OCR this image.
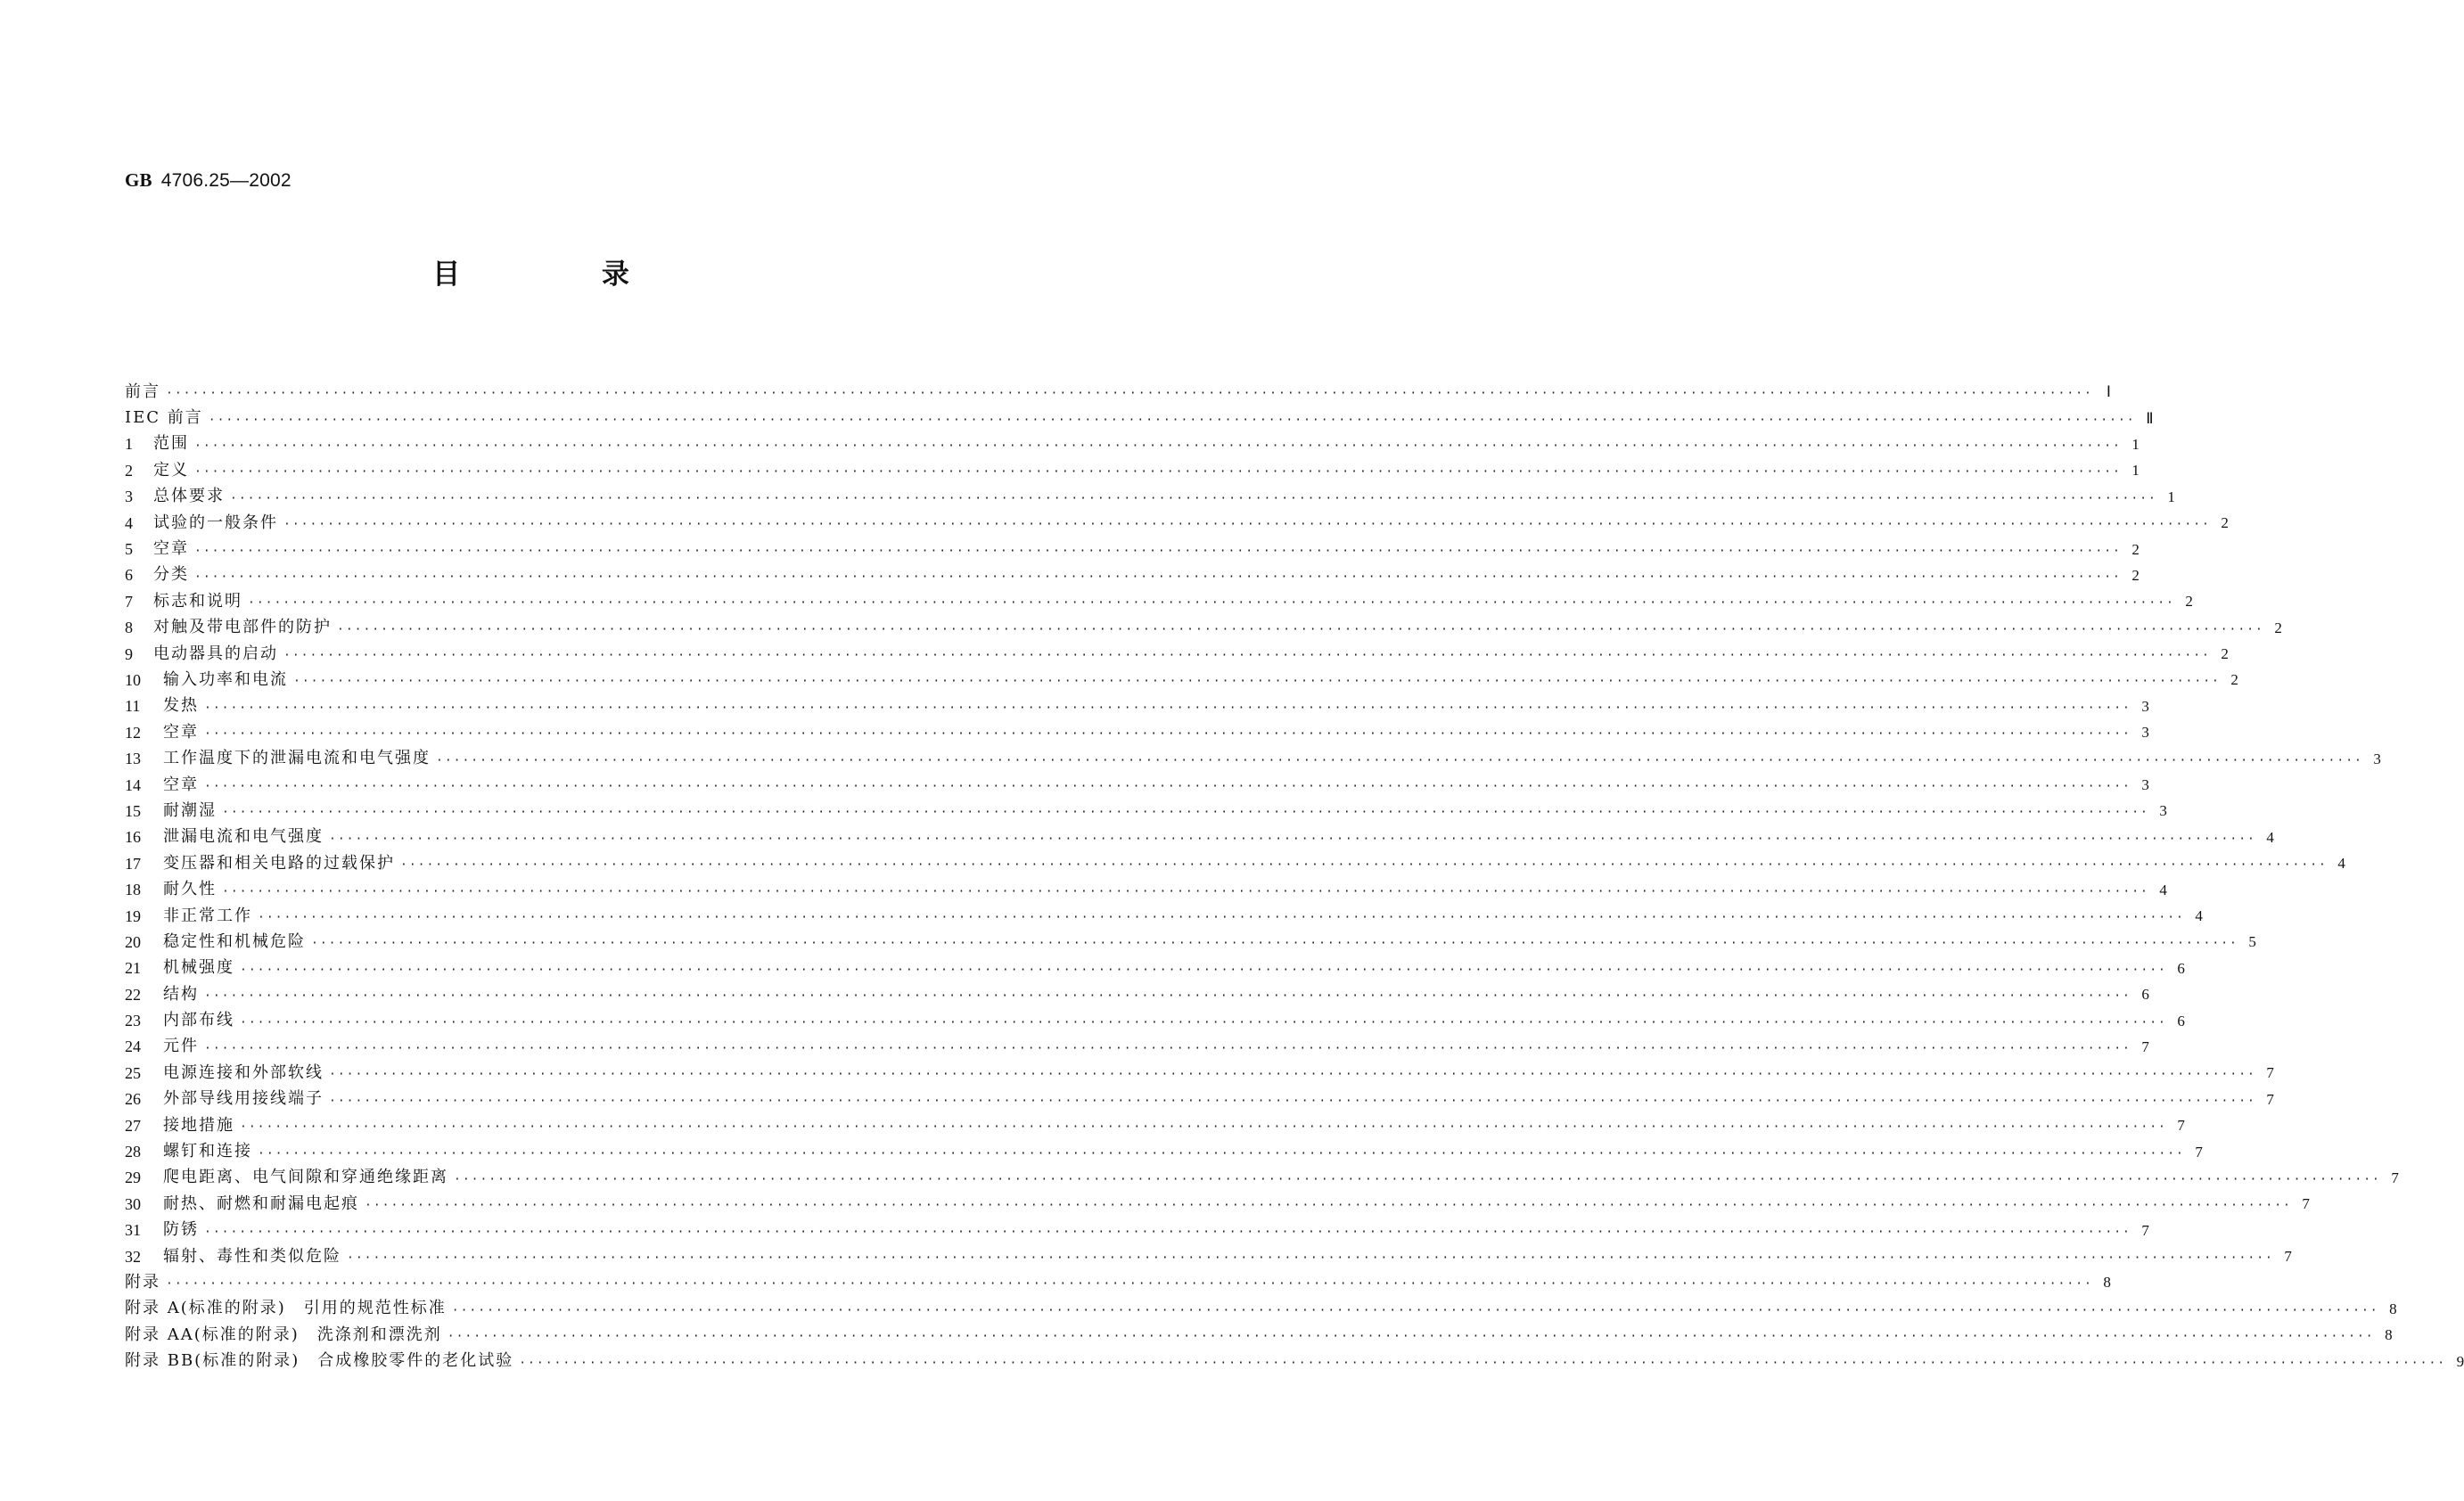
GB 4706.25—2002
目 录
前言 ···························································································································································································································· Ⅰ
IEC 前言 ···························································································································································································································· Ⅱ
1	范围 ···························································································································································································································· 1
2	定义 ···························································································································································································································· 1
3	总体要求 ···························································································································································································································· 1
4	试验的一般条件 ···························································································································································································································· 2
5	空章 ···························································································································································································································· 2
6	分类 ···························································································································································································································· 2
7	标志和说明 ···························································································································································································································· 2
8	对触及带电部件的防护 ···························································································································································································································· 2
9	电动器具的启动 ···························································································································································································································· 2
10	输入功率和电流 ···························································································································································································································· 2
11	发热 ···························································································································································································································· 3
12	空章 ···························································································································································································································· 3
13	工作温度下的泄漏电流和电气强度 ···························································································································································································································· 3
14	空章 ···························································································································································································································· 3
15	耐潮湿 ···························································································································································································································· 3
16	泄漏电流和电气强度 ···························································································································································································································· 4
17	变压器和相关电路的过载保护 ···························································································································································································································· 4
18	耐久性 ···························································································································································································································· 4
19	非正常工作 ···························································································································································································································· 4
20	稳定性和机械危险 ···························································································································································································································· 5
21	机械强度 ···························································································································································································································· 6
22	结构 ···························································································································································································································· 6
23	内部布线 ···························································································································································································································· 6
24	元件 ···························································································································································································································· 7
25	电源连接和外部软线 ···························································································································································································································· 7
26	外部导线用接线端子 ···························································································································································································································· 7
27	接地措施 ···························································································································································································································· 7
28	螺钉和连接 ···························································································································································································································· 7
29	爬电距离、电气间隙和穿通绝缘距离 ···························································································································································································································· 7
30	耐热、耐燃和耐漏电起痕 ···························································································································································································································· 7
31	防锈 ···························································································································································································································· 7
32	辐射、毒性和类似危险 ···························································································································································································································· 7
附录 ···························································································································································································································· 8
附录 A(标准的附录)　引用的规范性标准 ···························································································································································································································· 8
附录 AA(标准的附录)　洗涤剂和漂洗剂 ···························································································································································································································· 8
附录 BB(标准的附录)　合成橡胶零件的老化试验 ···························································································································································································································· 9
